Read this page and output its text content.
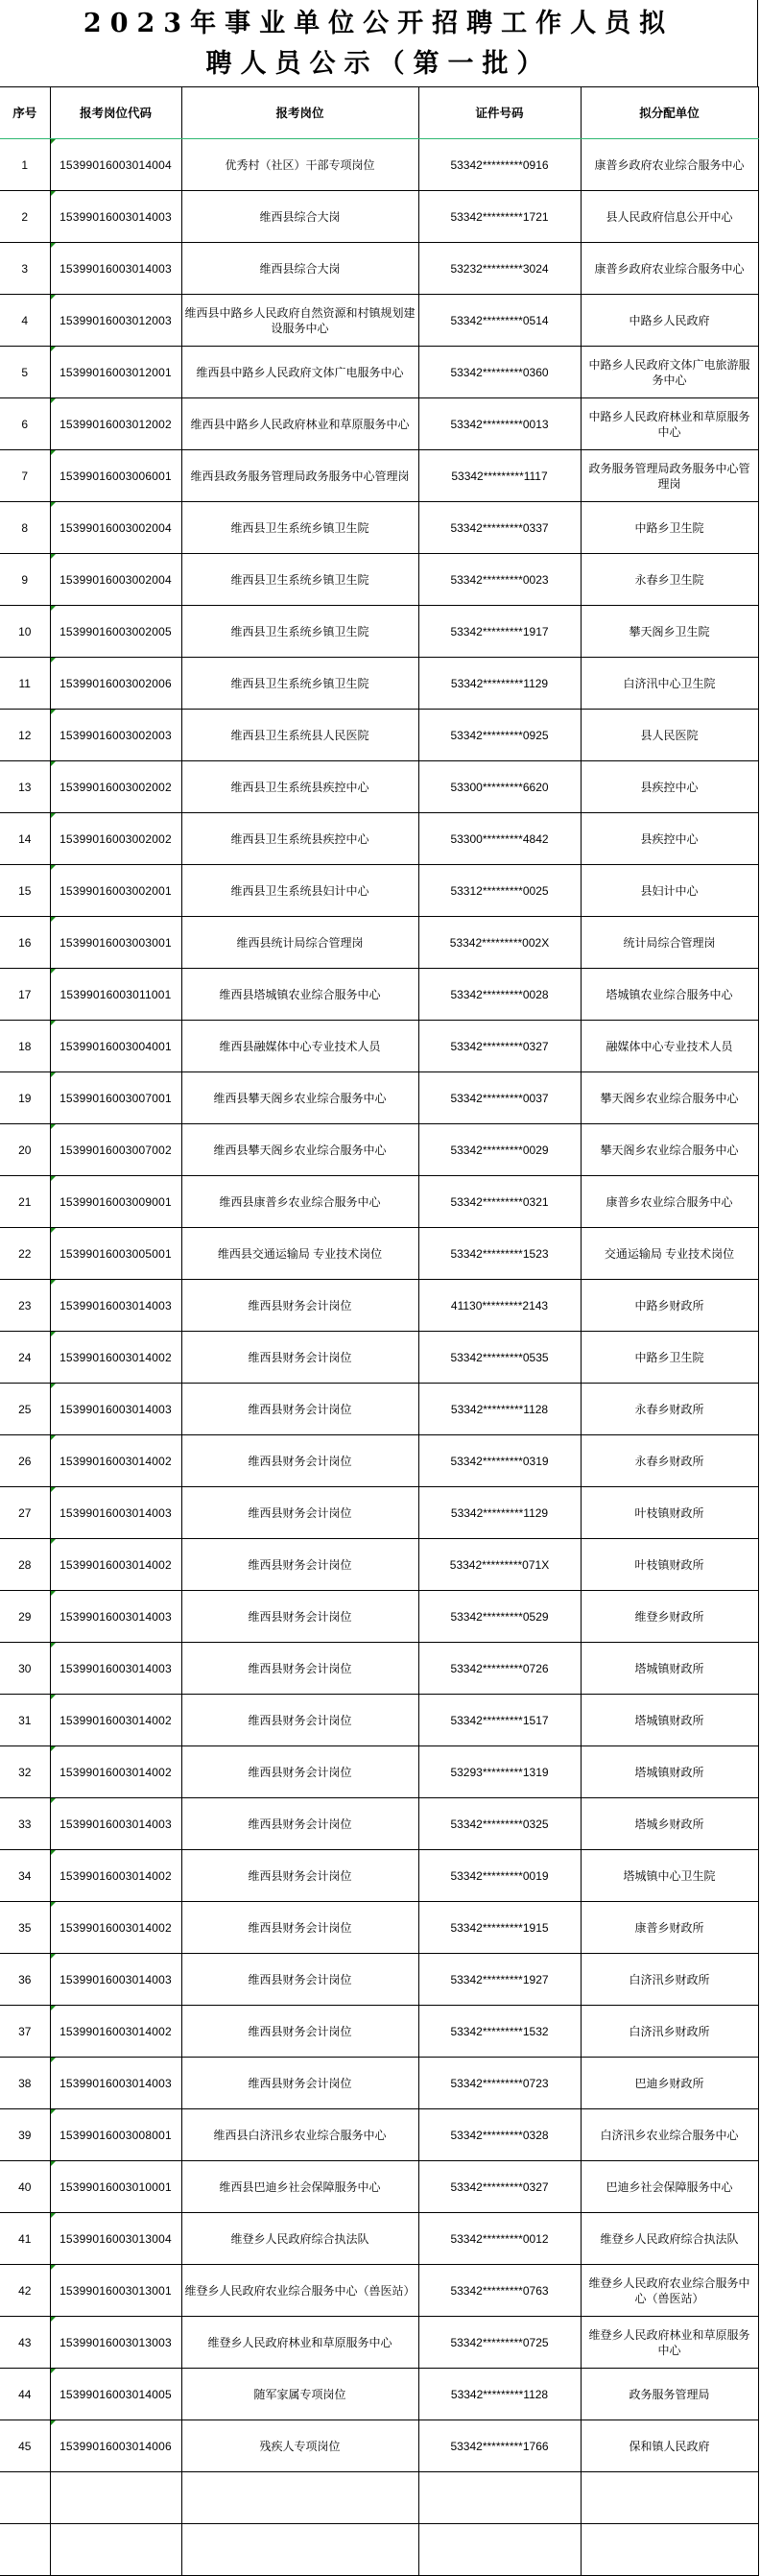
2023年事业单位公开招聘工作人员拟
聘人员公示（第一批）
序号	报考岗位代码	报考岗位	证件号码	拟分配单位
1	15399016003014004	优秀村（社区）干部专项岗位	53342*********0916	康普乡政府农业综合服务中心
2	15399016003014003	维西县综合大岗	53342*********1721	县人民政府信息公开中心
3	15399016003014003	维西县综合大岗	53232*********3024	康普乡政府农业综合服务中心
4	15399016003012003	维西县中路乡人民政府自然资源和村镇规划建设服务中心	53342*********0514	中路乡人民政府
5	15399016003012001	维西县中路乡人民政府文体广电服务中心	53342*********0360	中路乡人民政府文体广电旅游服务中心
6	15399016003012002	维西县中路乡人民政府林业和草原服务中心	53342*********0013	中路乡人民政府林业和草原服务中心
7	15399016003006001	维西县政务服务管理局政务服务中心管理岗	53342*********1117	政务服务管理局政务服务中心管理岗
8	15399016003002004	维西县卫生系统乡镇卫生院	53342*********0337	中路乡卫生院
9	15399016003002004	维西县卫生系统乡镇卫生院	53342*********0023	永春乡卫生院
10	15399016003002005	维西县卫生系统乡镇卫生院	53342*********1917	攀天阁乡卫生院
11	15399016003002006	维西县卫生系统乡镇卫生院	53342*********1129	白济汛中心卫生院
12	15399016003002003	维西县卫生系统县人民医院	53342*********0925	县人民医院
13	15399016003002002	维西县卫生系统县疾控中心	53300*********6620	县疾控中心
14	15399016003002002	维西县卫生系统县疾控中心	53300*********4842	县疾控中心
15	15399016003002001	维西县卫生系统县妇计中心	53312*********0025	县妇计中心
16	15399016003003001	维西县统计局综合管理岗	53342*********002X	统计局综合管理岗
17	15399016003011001	维西县塔城镇农业综合服务中心	53342*********0028	塔城镇农业综合服务中心
18	15399016003004001	维西县融媒体中心专业技术人员	53342*********0327	融媒体中心专业技术人员
19	15399016003007001	维西县攀天阁乡农业综合服务中心	53342*********0037	攀天阁乡农业综合服务中心
20	15399016003007002	维西县攀天阁乡农业综合服务中心	53342*********0029	攀天阁乡农业综合服务中心
21	15399016003009001	维西县康普乡农业综合服务中心	53342*********0321	康普乡农业综合服务中心
22	15399016003005001	维西县交通运输局 专业技术岗位	53342*********1523	交通运输局 专业技术岗位
23	15399016003014003	维西县财务会计岗位	41130*********2143	中路乡财政所
24	15399016003014002	维西县财务会计岗位	53342*********0535	中路乡卫生院
25	15399016003014003	维西县财务会计岗位	53342*********1128	永春乡财政所
26	15399016003014002	维西县财务会计岗位	53342*********0319	永春乡财政所
27	15399016003014003	维西县财务会计岗位	53342*********1129	叶枝镇财政所
28	15399016003014002	维西县财务会计岗位	53342*********071X	叶枝镇财政所
29	15399016003014003	维西县财务会计岗位	53342*********0529	维登乡财政所
30	15399016003014003	维西县财务会计岗位	53342*********0726	塔城镇财政所
31	15399016003014002	维西县财务会计岗位	53342*********1517	塔城镇财政所
32	15399016003014002	维西县财务会计岗位	53293*********1319	塔城镇财政所
33	15399016003014003	维西县财务会计岗位	53342*********0325	塔城乡财政所
34	15399016003014002	维西县财务会计岗位	53342*********0019	塔城镇中心卫生院
35	15399016003014002	维西县财务会计岗位	53342*********1915	康普乡财政所
36	15399016003014003	维西县财务会计岗位	53342*********1927	白济汛乡财政所
37	15399016003014002	维西县财务会计岗位	53342*********1532	白济汛乡财政所
38	15399016003014003	维西县财务会计岗位	53342*********0723	巴迪乡财政所
39	15399016003008001	维西县白济汛乡农业综合服务中心	53342*********0328	白济汛乡农业综合服务中心
40	15399016003010001	维西县巴迪乡社会保障服务中心	53342*********0327	巴迪乡社会保障服务中心
41	15399016003013004	维登乡人民政府综合执法队	53342*********0012	维登乡人民政府综合执法队
42	15399016003013001	维登乡人民政府农业综合服务中心（兽医站）	53342*********0763	维登乡人民政府农业综合服务中心（兽医站）
43	15399016003013003	维登乡人民政府林业和草原服务中心	53342*********0725	维登乡人民政府林业和草原服务中心
44	15399016003014005	随军家属专项岗位	53342*********1128	政务服务管理局
45	15399016003014006	残疾人专项岗位	53342*********1766	保和镇人民政府
